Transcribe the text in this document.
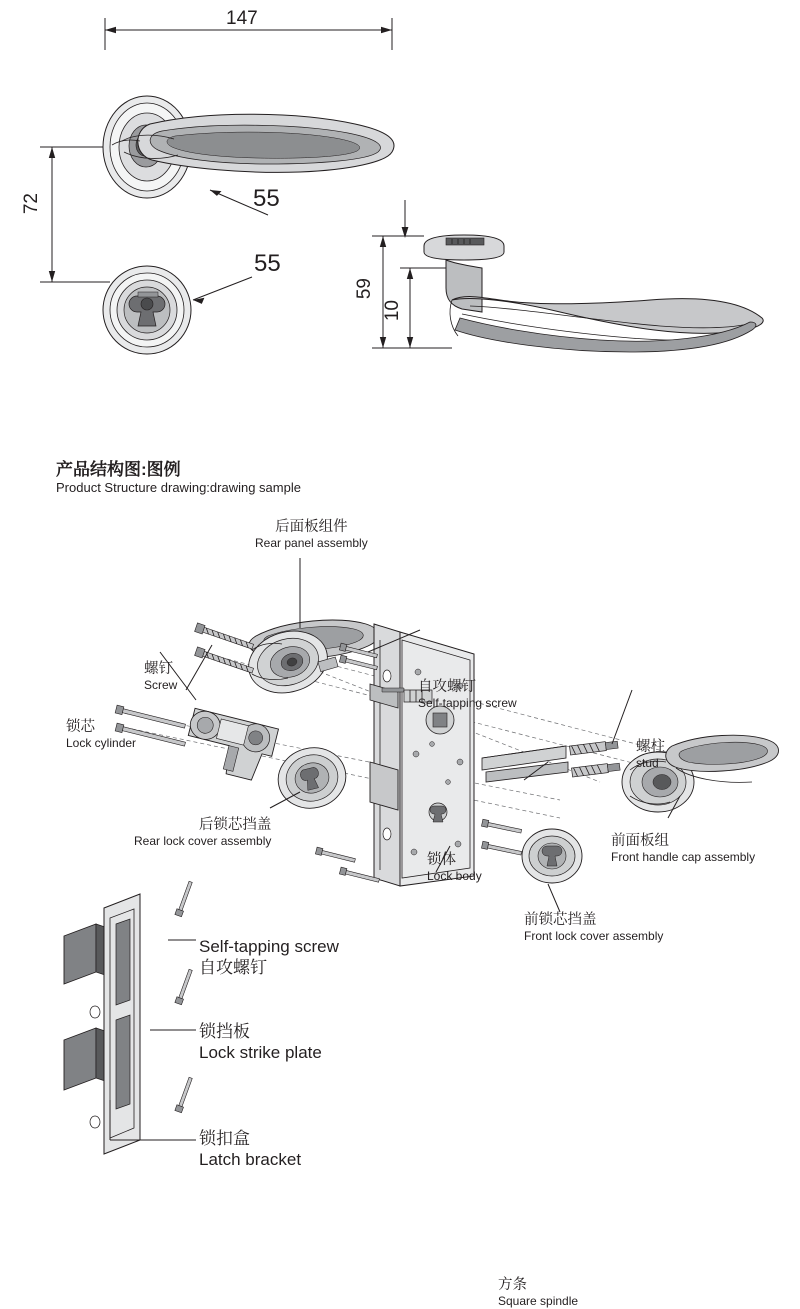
147
72	55
55
59
10
产品结构图:图例
Product Structure drawing:drawing sample
后面板组件
Rear panel assembly
螺钉
Screw
锁芯
Lock cylinder
自攻螺钉
Self-tapping screw
螺柱
stud
方条
Square spindle
后锁芯挡盖
Rear lock cover assembly
锁体
Lock body
前面板组
Front handle cap assembly
前锁芯挡盖
Front lock cover assembly
Self-tapping screw
自攻螺钉
锁挡板
Lock strike plate
锁扣盒
Latch bracket
